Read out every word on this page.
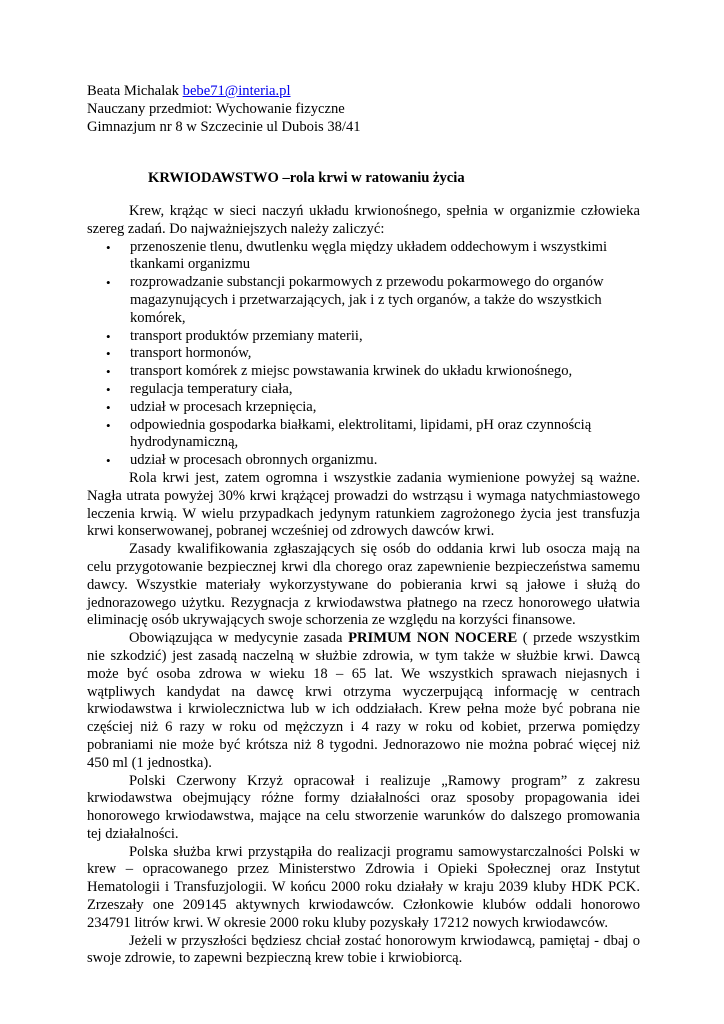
Beata Michalak bebe71@interia.pl
Nauczany przedmiot: Wychowanie fizyczne
Gimnazjum nr 8 w Szczecinie ul Dubois 38/41
KRWIODAWSTWO –rola krwi w ratowaniu życia

Krew, krążąc w sieci naczyń układu krwionośnego, spełnia w organizmie człowieka szereg zadań. Do najważniejszych należy zaliczyć:

• przenoszenie tlenu, dwutlenku węgla między układem oddechowym i wszystkimi tkankami organizmu
• rozprowadzanie substancji pokarmowych z przewodu pokarmowego do organów magazynujących i przetwarzających, jak i z tych organów, a także do wszystkich komórek,
• transport produktów przemiany materii,
• transport hormonów,
• transport komórek z miejsc powstawania krwinek do układu krwionośnego,
• regulacja temperatury ciała,
• udział w procesach krzepnięcia,
• odpowiednia gospodarka białkami, elektrolitami, lipidami, pH oraz czynnością hydrodynamiczną,
• udział w procesach obronnych organizmu.

Rola krwi jest, zatem ogromna i wszystkie zadania wymienione powyżej są ważne. Nagła utrata powyżej 30% krwi krążącej prowadzi do wstrząsu i wymaga natychmiastowego leczenia krwią. W wielu przypadkach jedynym ratunkiem zagrożonego życia jest transfuzja krwi konserwowanej, pobranej wcześniej od zdrowych dawców krwi.

Zasady kwalifikowania zgłaszających się osób do oddania krwi lub osocza mają na celu przygotowanie bezpiecznej krwi dla chorego oraz zapewnienie bezpieczeństwa samemu dawcy. Wszystkie materiały wykorzystywane do pobierania krwi są jałowe i służą do jednorazowego użytku. Rezygnacja z krwiodawstwa płatnego na rzecz honorowego ułatwia eliminację osób ukrywających swoje schorzenia ze względu na korzyści finansowe.

Obowiązująca w medycynie zasada PRIMUM NON NOCERE ( przede wszystkim nie szkodzić) jest zasadą naczelną w służbie zdrowia, w tym także w służbie krwi. Dawcą może być osoba zdrowa w wieku 18 – 65 lat. We wszystkich sprawach niejasnych i wątpliwych kandydat na dawcę krwi otrzyma wyczerpującą informację w centrach krwiodawstwa i krwiolecznictwa lub w ich oddziałach. Krew pełna może być pobrana nie częściej niż 6 razy w roku od mężczyzn i 4 razy w roku od kobiet, przerwa pomiędzy pobraniami nie może być krótsza niż 8 tygodni. Jednorazowo nie można pobrać więcej niż 450 ml (1 jednostka).

Polski Czerwony Krzyż opracował i realizuje „Ramowy program” z zakresu krwiodawstwa obejmujący różne formy działalności oraz sposoby propagowania idei honorowego krwiodawstwa, mające na celu stworzenie warunków do dalszego promowania tej działalności.

Polska służba krwi przystąpiła do realizacji programu samowystarczalności Polski w krew – opracowanego przez Ministerstwo Zdrowia i Opieki Społecznej oraz Instytut Hematologii i Transfuzjologii. W końcu 2000 roku działały w kraju 2039 kluby HDK PCK. Zrzeszały one 209145 aktywnych krwiodawców. Członkowie klubów oddali honorowo 234791 litrów krwi. W okresie 2000 roku kluby pozyskały 17212 nowych krwiodawców.

Jeżeli w przyszłości będziesz chciał zostać honorowym krwiodawcą, pamiętaj - dbaj o swoje zdrowie, to zapewni bezpieczną krew tobie i krwiobiorcą.
